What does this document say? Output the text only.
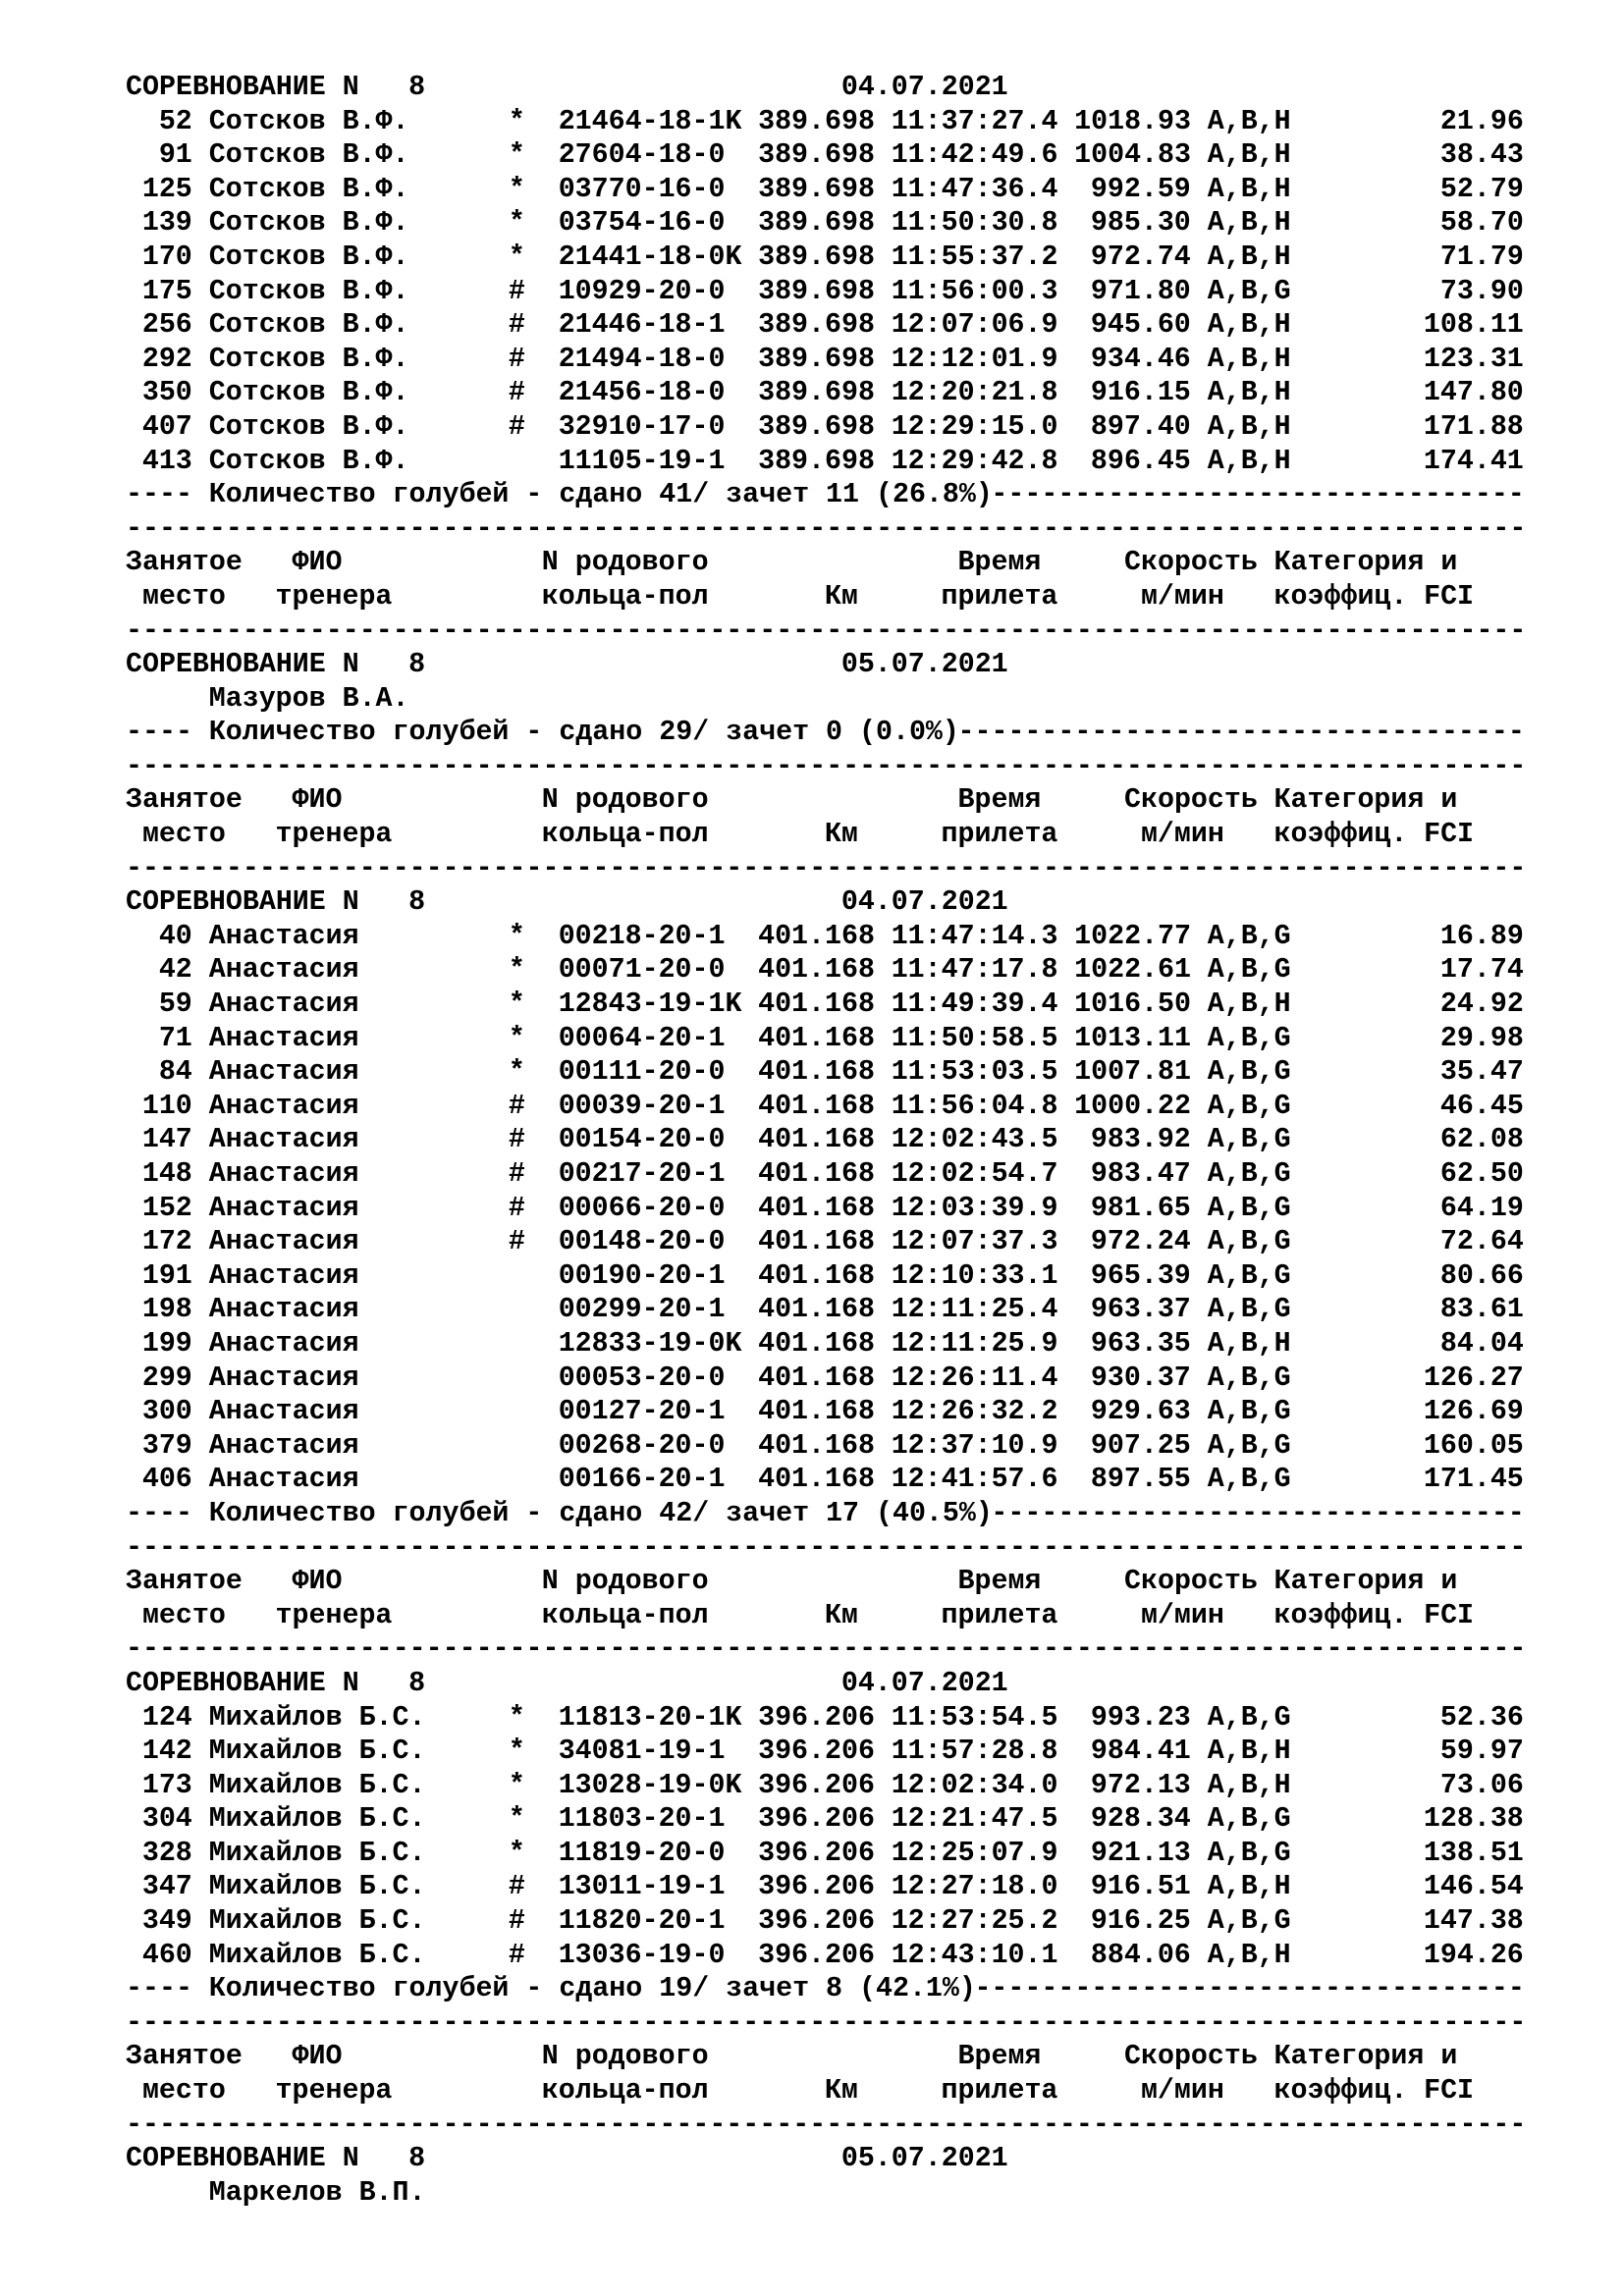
СОРЕВНОВАНИЕ N 8	04.07.2021
52 Сотсков В.Ф.	* 21464-18-1K 389.698 11:37:27.4 1018.93 A,B,H	21.96
91 Сотсков В.Ф.	* 27604-18-0 389.698 11:42:49.6 1004.83 A,B,H	38.43
125 Сотсков В.Ф.	* 03770-16-0 389.698 11:47:36.4	992.59 A,B,H	52.79
139 Сотсков В.Ф.	* 03754-16-0 389.698 11:50:30.8	985.30 A,B,H	58.70
170 Сотсков В.Ф.	* 21441-18-0K 389.698 11:55:37.2	972.74 A,B,H	71.79
175 Сотсков В.Ф.	# 10929-20-0 389.698 11:56:00.3	971.80 A,B,G	73.90
256 Сотсков В.Ф.	# 21446-18-1 389.698 12:07:06.9	945.60 A,B,H	108.11
292 Сотсков В.Ф.	# 21494-18-0 389.698 12:12:01.9	934.46 A,B,H	123.31
350 Сотсков В.Ф.	# 21456-18-0 389.698 12:20:21.8	916.15 A,B,H	147.80
407 Сотсков В.Ф.	# 32910-17-0 389.698 12:29:15.0	897.40 A,B,H	171.88
413 Сотсков В.Ф.	11105-19-1 389.698 12:29:42.8	896.45 A,B,H	174.41
---- Количество голубей - сдано 41/ зачет 11 (26.8%)
--------------------------------
------------------------------------------------------------------------------------
Занятое ФИО	N родового	Время	Скорость Категория и
место тренера	кольца-пол	Км	прилета	м/мин коэффиц. FCI
------------------------------------------------------------------------------------
СОРЕВНОВАНИЕ N 8	05.07.2021
Мазуров В.А.
---- Количество голубей - сдано 29/ зачет 0 (0.0%)
----------------------------------
------------------------------------------------------------------------------------
Занятое ФИО	N родового	Время	Скорость Категория и
место тренера	кольца-пол	Км	прилета	м/мин коэффиц. FCI
------------------------------------------------------------------------------------
СОРЕВНОВАНИЕ N 8	04.07.2021
40 Анастасия	* 00218-20-1 401.168 11:47:14.3 1022.77 A,B,G	16.89
42 Анастасия	* 00071-20-0 401.168 11:47:17.8 1022.61 A,B,G	17.74
59 Анастасия	* 12843-19-1K 401.168 11:49:39.4 1016.50 A,B,H	24.92
71 Анастасия	* 00064-20-1 401.168 11:50:58.5 1013.11 A,B,G	29.98
84 Анастасия	* 00111-20-0 401.168 11:53:03.5 1007.81 A,B,G	35.47
110 Анастасия	# 00039-20-1 401.168 11:56:04.8 1000.22 A,B,G	46.45
147 Анастасия	# 00154-20-0 401.168 12:02:43.5	983.92 A,B,G	62.08
148 Анастасия	# 00217-20-1 401.168 12:02:54.7	983.47 A,B,G	62.50
152 Анастасия	# 00066-20-0 401.168 12:03:39.9	981.65 A,B,G	64.19
172 Анастасия	# 00148-20-0 401.168 12:07:37.3	972.24 A,B,G	72.64
191 Анастасия	00190-20-1 401.168 12:10:33.1	965.39 A,B,G	80.66
198 Анастасия	00299-20-1 401.168 12:11:25.4	963.37 A,B,G	83.61
199 Анастасия	12833-19-0K 401.168 12:11:25.9	963.35 A,B,H	84.04
299 Анастасия	00053-20-0 401.168 12:26:11.4	930.37 A,B,G	126.27
300 Анастасия	00127-20-1 401.168 12:26:32.2	929.63 A,B,G	126.69
379 Анастасия	00268-20-0 401.168 12:37:10.9	907.25 A,B,G	160.05
406 Анастасия	00166-20-1 401.168 12:41:57.6	897.55 A,B,G	171.45
---- Количество голубей - сдано 42/ зачет 17 (40.5%)
--------------------------------
------------------------------------------------------------------------------------
Занятое ФИО	N родового	Время	Скорость Категория и
место тренера	кольца-пол	Км	прилета	м/мин коэффиц. FCI
------------------------------------------------------------------------------------
СОРЕВНОВАНИЕ N 8	04.07.2021
124 Михайлов Б.С.	* 11813-20-1K 396.206 11:53:54.5	993.23 A,B,G	52.36
142 Михайлов Б.С.	* 34081-19-1 396.206 11:57:28.8	984.41 A,B,H	59.97
173 Михайлов Б.С.	* 13028-19-0K 396.206 12:02:34.0	972.13 A,B,H	73.06
304 Михайлов Б.С.	* 11803-20-1 396.206 12:21:47.5	928.34 A,B,G	128.38
328 Михайлов Б.С.	* 11819-20-0 396.206 12:25:07.9	921.13 A,B,G	138.51
347 Михайлов Б.С.	# 13011-19-1 396.206 12:27:18.0	916.51 A,B,H	146.54
349 Михайлов Б.С.	# 11820-20-1 396.206 12:27:25.2	916.25 A,B,G	147.38
460 Михайлов Б.С.	# 13036-19-0 396.206 12:43:10.1	884.06 A,B,H	194.26
---- Количество голубей - сдано 19/ зачет 8 (42.1%)
---------------------------------
------------------------------------------------------------------------------------
Занятое ФИО	N родового	Время	Скорость Категория и
место тренера	кольца-пол	Км	прилета	м/мин коэффиц. FCI
------------------------------------------------------------------------------------
СОРЕВНОВАНИЕ N 8	05.07.2021
Маркелов В.П.
